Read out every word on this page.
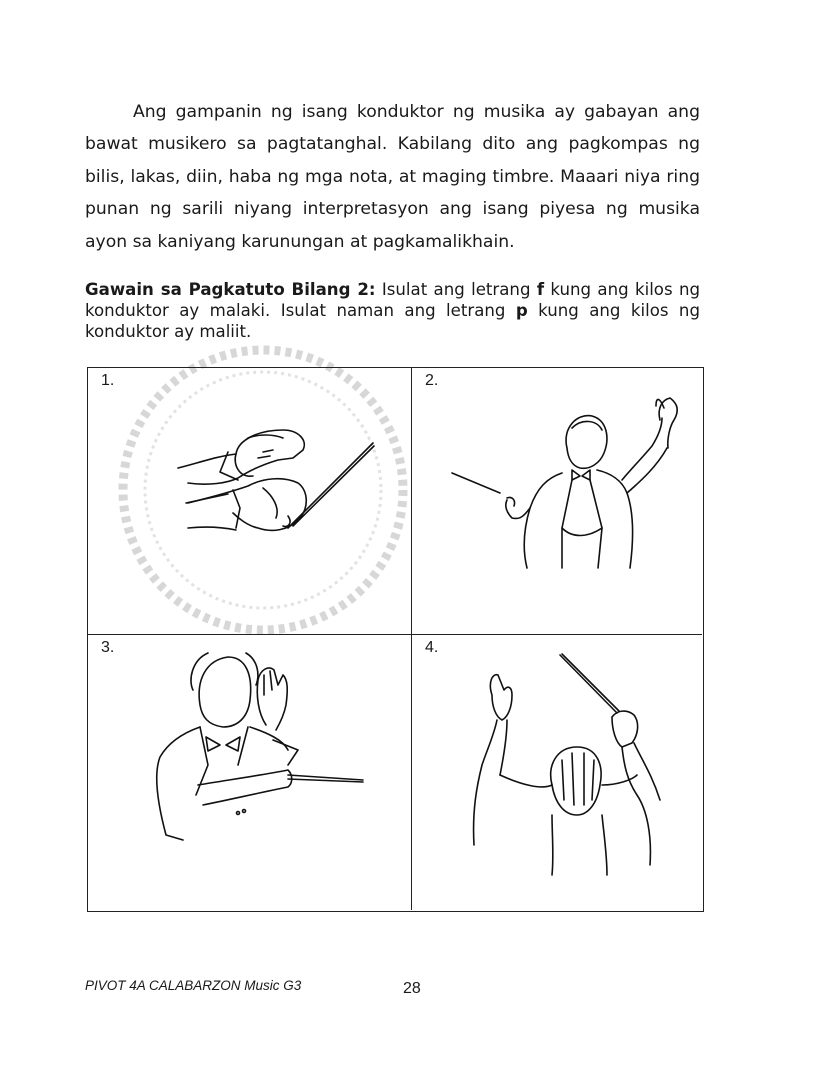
Ang gampanin ng isang konduktor ng musika ay gabayan ang bawat musikero sa pagtatanghal. Kabilang dito ang pagkompas ng bilis, lakas, diin, haba ng mga nota, at maging timbre. Maaari niya ring punan ng sarili niyang interpretasyon ang isang piyesa ng musika ayon sa kaniyang karunungan at pagkamalikhain.

Gawain sa Pagkatuto Bilang 2: Isulat ang letrang f kung ang kilos ng konduktor ay malaki. Isulat naman ang letrang p kung ang kilos ng konduktor ay maliit.

1.	2.
3.	4.
PIVOT 4A CALABARZON Music G3	28
